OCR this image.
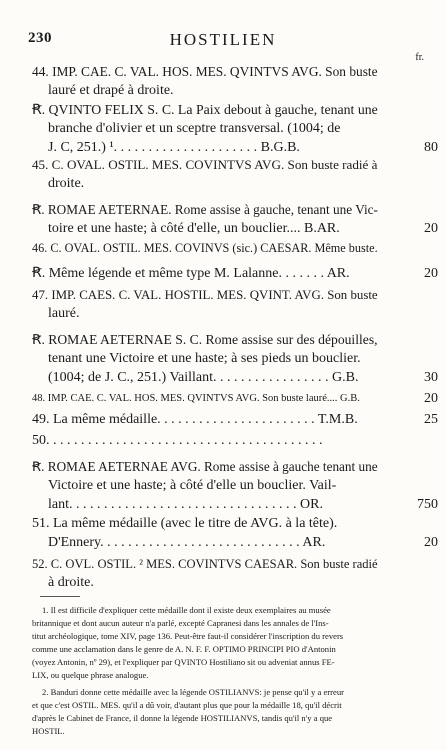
230	HOSTILIEN
fr.
44. IMP. CAE. C. VAL. HOS. MES. QVINTVS AVG. Son buste
lauré et drapé à droite.
Ꞧ. QVINTO FELIX S. C. La Paix debout à gauche, tenant une
branche d'olivier et un sceptre transversal. (1004; de
J. C, 251.) ¹. . . . . . . . . . . . . . . . . . . . . B.G.B.	80
45. C. OVAL. OSTIL. MES. COVINTVS AVG. Son buste radié à
droite.
Ꞧ. ROMAE AETERNAE. Rome assise à gauche, tenant une Vic-
toire et une haste; à côté d'elle, un bouclier.... B.AR.	20
46. C. OVAL. OSTIL. MES. COVINVS (sic.) CAESAR. Même buste.
Ꞧ. Même légende et même type M. Lalanne. . . . . . . AR.	20
47. IMP. CAES. C. VAL. HOSTIL. MES. QVINT. AVG. Son buste
lauré.
Ꞧ. ROMAE AETERNAE S. C. Rome assise sur des dépouilles,
tenant une Victoire et une haste; à ses pieds un bouclier.
(1004; de J. C., 251.) Vaillant. . . . . . . . . . . . . . . . . G.B.	30
48. IMP. CAE. C. VAL. HOS. MES. QVINTVS AVG. Son buste lauré.... G.B.	20
49. La même médaille. . . . . . . . . . . . . . . . . . . . . . . T.M.B.	25
50. . . . . . . . . . . . . . . . . . . . . . . . . . . . . . . . . . . . . . . .
Ꞧ. ROMAE AETERNAE AVG. Rome assise à gauche tenant une
Victoire et une haste; à côté d'elle un bouclier. Vail-
lant. . . . . . . . . . . . . . . . . . . . . . . . . . . . . . . . . OR.	750
51. La même médaille (avec le titre de AVG. à la tête).
D'Ennery. . . . . . . . . . . . . . . . . . . . . . . . . . . . . AR.	20
52. C. OVL. OSTIL. ² MES. COVINTVS CAESAR. Son buste radié
à droite.
1. Il est difficile d'expliquer cette médaille dont il existe deux exemplaires au musée
britannique et dont aucun auteur n'a parlé, excepté Capranesi dans les annales de l'Ins-
titut archéologique, tome XIV, page 136. Peut-être faut-il considérer l'inscription du revers
comme une acclamation dans le genre de A. N. F. F. OPTIMO PRINCIPI PIO d'Antonin
(voyez Antonin, nº 29), et l'expliquer par QVINTO Hostiliano sit ou adveniat annus FE-
LIX, ou quelque phrase analogue.
2. Banduri donne cette médaille avec la légende OSTILIANVS: je pense qu'il y a erreur
et que c'est OSTIL. MES. qu'il a dû voir, d'autant plus que pour la médaille 18, qu'il décrit
d'après le Cabinet de France, il donne la légende HOSTILIANVS, tandis qu'il n'y a que
HOSTIL.
